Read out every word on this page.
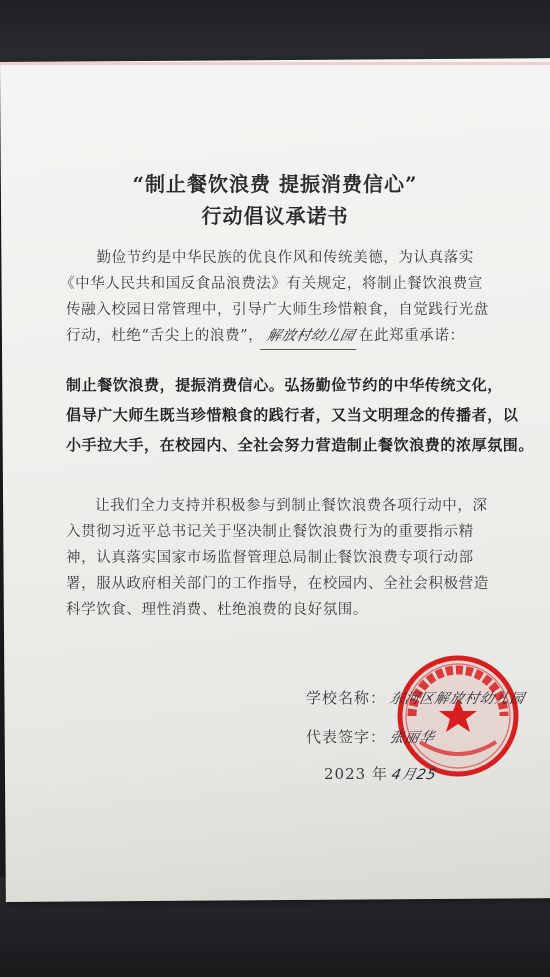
“制止餐饮浪费 提振消费信心”
行动倡议承诺书
勤俭节约是中华民族的优良作风和传统美德，为认真落实
《中华人民共和国反食品浪费法》有关规定，将制止餐饮浪费宣
传融入校园日常管理中，引导广大师生珍惜粮食，自觉践行光盘
行动，杜绝“舌尖上的浪费”， 解放村幼儿园 在此郑重承诺：
制止餐饮浪费，提振消费信心。弘扬勤俭节约的中华传统文化，
倡导广大师生既当珍惜粮食的践行者，又当文明理念的传播者，以
小手拉大手，在校园内、全社会努力营造制止餐饮浪费的浓厚氛围。
让我们全力支持并积极参与到制止餐饮浪费各项行动中，深
入贯彻习近平总书记关于坚决制止餐饮浪费行为的重要指示精
神，认真落实国家市场监督管理总局制止餐饮浪费专项行动部
署，服从政府相关部门的工作指导，在校园内、全社会积极营造
科学饮食、理性消费、杜绝浪费的良好氛围。
学校名称： 东河区解放村幼儿园
代表签字： 张丽华
2023 年 4月25
